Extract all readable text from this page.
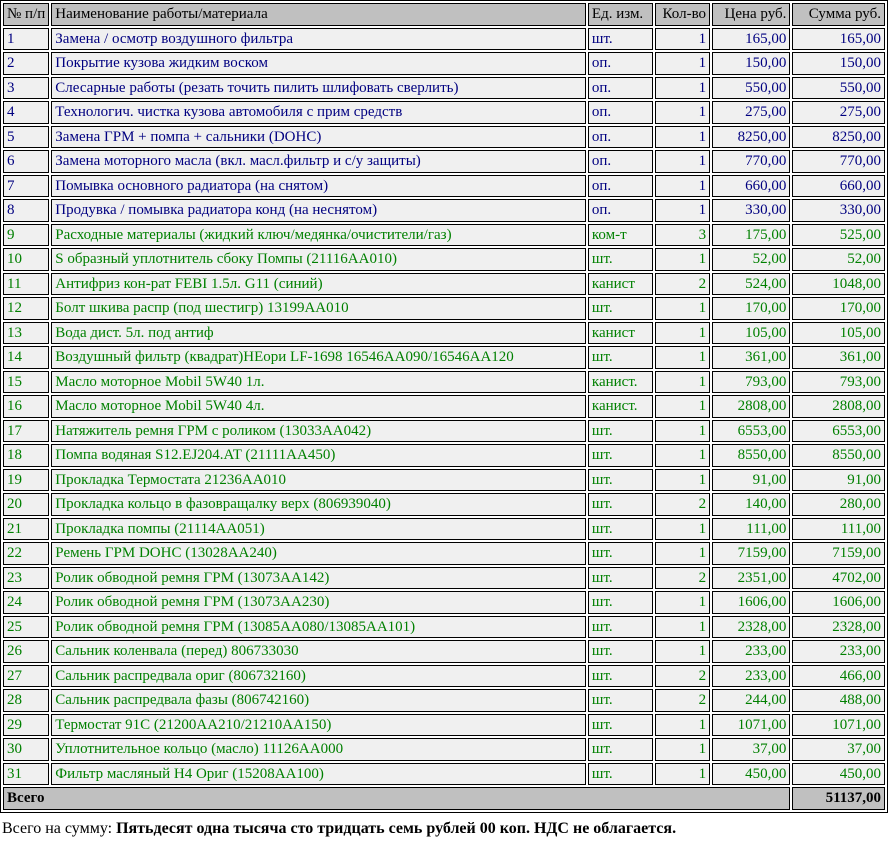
№ п/п	Наименование работы/материала	Ед. изм.	Кол-во	Цена руб.	Сумма руб.
1	Замена / осмотр воздушного фильтра	шт.	1	165,00	165,00
2	Покрытие кузова жидким воском	оп.	1	150,00	150,00
3	Слесарные работы (резать точить пилить шлифовать сверлить)	оп.	1	550,00	550,00
4	Технологич. чистка кузова автомобиля с прим средств	оп.	1	275,00	275,00
5	Замена ГРМ + помпа + сальники (DOHC)	оп.	1	8250,00	8250,00
6	Замена моторного масла (вкл. масл.фильтр и с/у защиты)	оп.	1	770,00	770,00
7	Помывка основного радиатора (на снятом)	оп.	1	660,00	660,00
8	Продувка / помывка радиатора конд (на неснятом)	оп.	1	330,00	330,00
9	Расходные материалы (жидкий ключ/медянка/очистители/газ)	ком-т	3	175,00	525,00
10	S образный уплотнитель сбоку Помпы (21116АА010)	шт.	1	52,00	52,00
11	Антифриз кон-рат FEBI 1.5л. G11 (синий)	канист	2	524,00	1048,00
12	Болт шкива распр (под шестигр) 13199АА010	шт.	1	170,00	170,00
13	Вода дист. 5л. под антиф	канист	1	105,00	105,00
14	Воздушный фильтр (квадрат)НЕори LF-1698 16546АА090/16546АА120	шт.	1	361,00	361,00
15	Масло моторное Mobil 5W40 1л.	канист.	1	793,00	793,00
16	Масло моторное Mobil 5W40 4л.	канист.	1	2808,00	2808,00
17	Натяжитель ремня ГРМ с роликом (13033АА042)	шт.	1	6553,00	6553,00
18	Помпа водяная S12.EJ204.AT (21111АА450)	шт.	1	8550,00	8550,00
19	Прокладка Термостата 21236АА010	шт.	1	91,00	91,00
20	Прокладка кольцо в фазовращалку верх (806939040)	шт.	2	140,00	280,00
21	Прокладка помпы (21114АА051)	шт.	1	111,00	111,00
22	Ремень ГРМ DOHC (13028АА240)	шт.	1	7159,00	7159,00
23	Ролик обводной ремня ГРМ (13073АА142)	шт.	2	2351,00	4702,00
24	Ролик обводной ремня ГРМ (13073АА230)	шт.	1	1606,00	1606,00
25	Ролик обводной ремня ГРМ (13085АА080/13085АА101)	шт.	1	2328,00	2328,00
26	Сальник коленвала (перед) 806733030	шт.	1	233,00	233,00
27	Сальник распредвала ориг (806732160)	шт.	2	233,00	466,00
28	Сальник распредвала фазы (806742160)	шт.	2	244,00	488,00
29	Термостат 91С (21200АА210/21210АА150)	шт.	1	1071,00	1071,00
30	Уплотнительное кольцо (масло) 11126АА000	шт.	1	37,00	37,00
31	Фильтр масляный Н4 Ориг (15208АА100)	шт.	1	450,00	450,00
Всего					51137,00

Всего на сумму: Пятьдесят одна тысяча сто тридцать семь рублей 00 коп. НДС не облагается.
